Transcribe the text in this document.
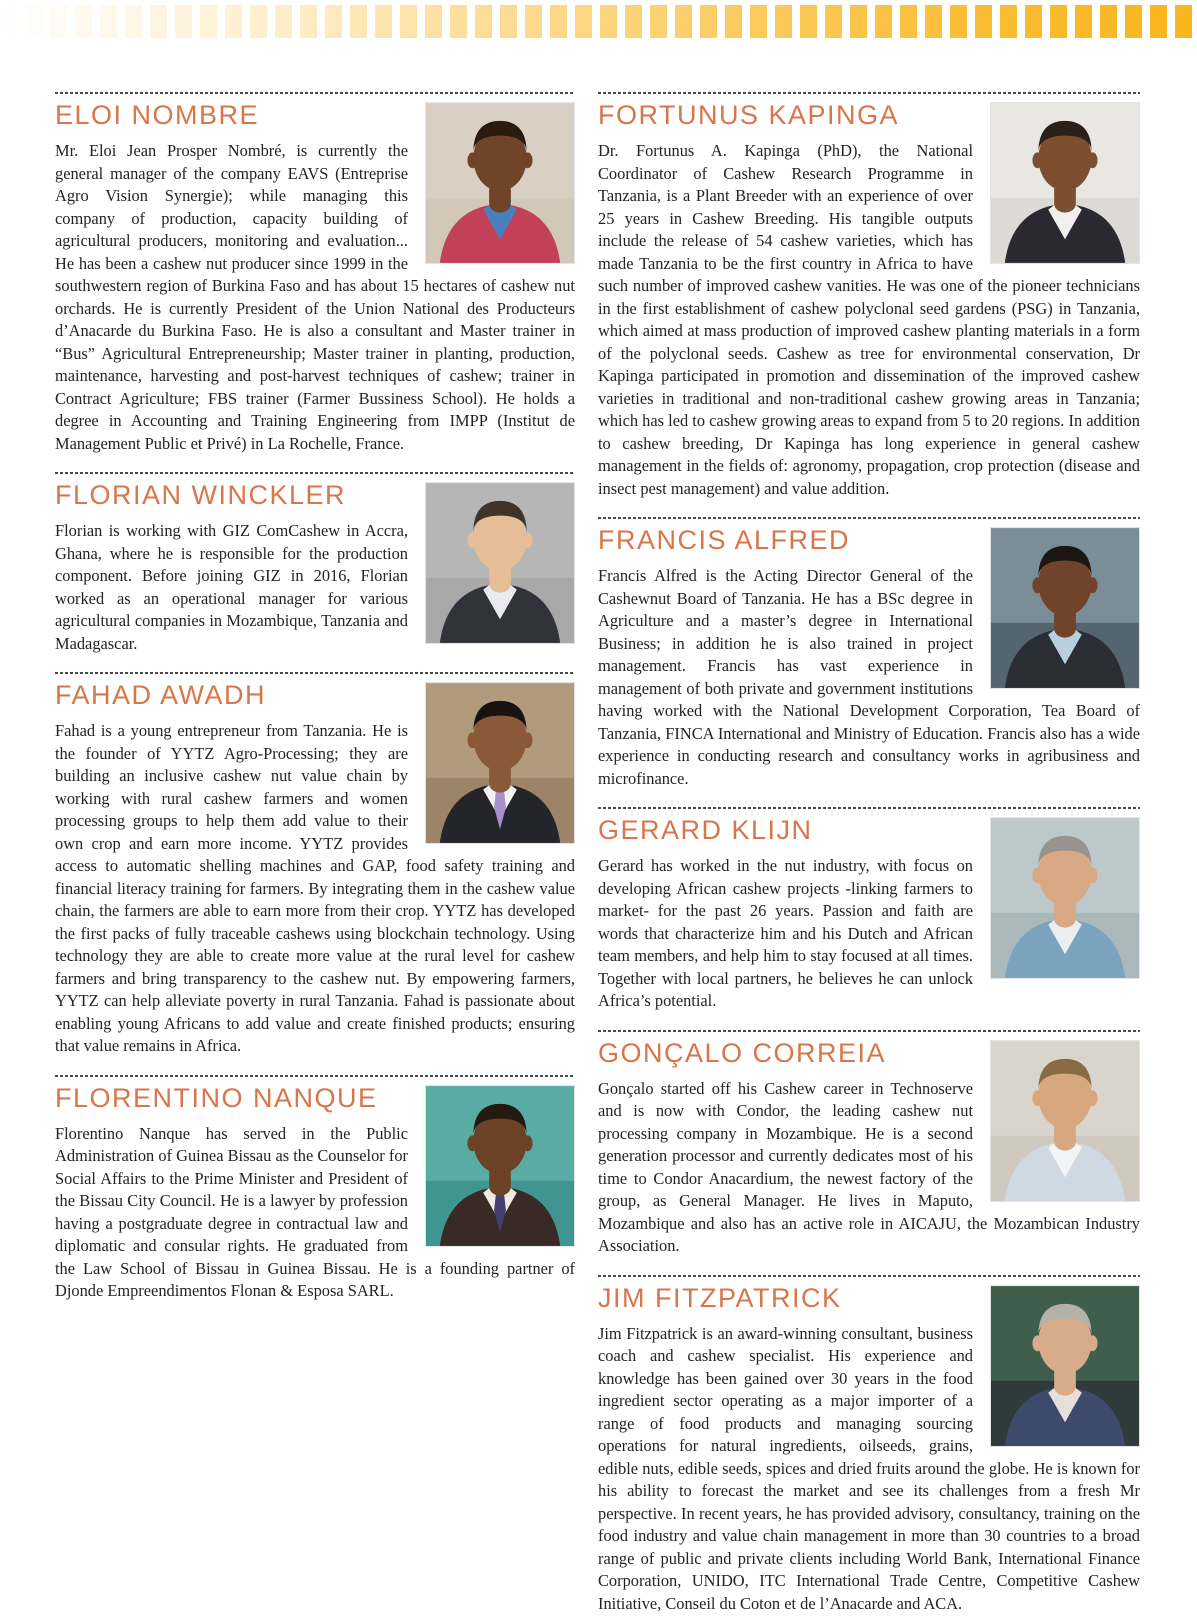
ELOI NOMBRE

Mr. Eloi Jean Prosper Nombré, is currently the general manager of the company EAVS (Entreprise Agro Vision Synergie); while managing this company of production, capacity building of agricultural producers, monitoring and evaluation... He has been a cashew nut producer since 1999 in the southwestern region of Burkina Faso and has about 15 hectares of cashew nut orchards. He is currently President of the Union National des Producteurs d’Anacarde du Burkina Faso. He is also a consultant and Master trainer in “Bus” Agricultural Entrepreneurship; Master trainer in planting, production, maintenance, harvesting and post-harvest techniques of cashew; trainer in Contract Agriculture; FBS trainer (Farmer Bussiness School). He holds a degree in Accounting and Training Engineering from IMPP (Institut de Management Public et Privé) in La Rochelle, France.

FLORIAN WINCKLER

Florian is working with GIZ ComCashew in Accra, Ghana, where he is responsible for the production component. Before joining GIZ in 2016, Florian worked as an operational manager for various agricultural companies in Mozambique, Tanzania and Madagascar.

FAHAD AWADH

Fahad is a young entrepreneur from Tanzania. He is the founder of YYTZ Agro-Processing; they are building an inclusive cashew nut value chain by working with rural cashew farmers and women processing groups to help them add value to their own crop and earn more income. YYTZ provides access to automatic shelling machines and GAP, food safety training and financial literacy training for farmers. By integrating them in the cashew value chain, the farmers are able to earn more from their crop. YYTZ has developed the first packs of fully traceable cashews using blockchain technology. Using technology they are able to create more value at the rural level for cashew farmers and bring transparency to the cashew nut. By empowering farmers, YYTZ can help alleviate poverty in rural Tanzania. Fahad is passionate about enabling young Africans to add value and create finished products; ensuring that value remains in Africa.

FLORENTINO NANQUE

Florentino Nanque has served in the Public Administration of Guinea Bissau as the Counselor for Social Affairs to the Prime Minister and President of the Bissau City Council. He is a lawyer by profession having a postgraduate degree in contractual law and diplomatic and consular rights. He graduated from the Law School of Bissau in Guinea Bissau. He is a founding partner of Djonde Empreendimentos Flonan & Esposa SARL.

FORTUNUS KAPINGA

Dr. Fortunus A. Kapinga (PhD), the National Coordinator of Cashew Research Programme in Tanzania, is a Plant Breeder with an experience of over 25 years in Cashew Breeding. His tangible outputs include the release of 54 cashew varieties, which has made Tanzania to be the first country in Africa to have such number of improved cashew vanities. He was one of the pioneer technicians in the first establishment of cashew polyclonal seed gardens (PSG) in Tanzania, which aimed at mass production of improved cashew planting materials in a form of the polyclonal seeds. Cashew as tree for environmental conservation, Dr Kapinga participated in promotion and dissemination of the improved cashew varieties in traditional and non-traditional cashew growing areas in Tanzania; which has led to cashew growing areas to expand from 5 to 20 regions. In addition to cashew breeding, Dr Kapinga has long experience in general cashew management in the fields of: agronomy, propagation, crop protection (disease and insect pest management) and value addition.

FRANCIS ALFRED

Francis Alfred is the Acting Director General of the Cashewnut Board of Tanzania. He has a BSc degree in Agriculture and a master’s degree in International Business; in addition he is also trained in project management. Francis has vast experience in management of both private and government institutions having worked with the National Development Corporation, Tea Board of Tanzania, FINCA International and Ministry of Education. Francis also has a wide experience in conducting research and consultancy works in agribusiness and microfinance.

GERARD KLIJN

Gerard has worked in the nut industry, with focus on developing African cashew projects -linking farmers to market- for the past 26 years. Passion and faith are words that characterize him and his Dutch and African team members, and help him to stay focused at all times. Together with local partners, he believes he can unlock Africa’s potential.

GONÇALO CORREIA

Gonçalo started off his Cashew career in Technoserve and is now with Condor, the leading cashew nut processing company in Mozambique. He is a second generation processor and currently dedicates most of his time to Condor Anacardium, the newest factory of the group, as General Manager. He lives in Maputo, Mozambique and also has an active role in AICAJU, the Mozambican Industry Association.

JIM FITZPATRICK

Jim Fitzpatrick is an award-winning consultant, business coach and cashew specialist. His experience and knowledge has been gained over 30 years in the food ingredient sector operating as a major importer of a range of food products and managing sourcing operations for natural ingredients, oilseeds, grains, edible nuts, edible seeds, spices and dried fruits around the globe. He is known for his ability to forecast the market and see its challenges from a fresh Mr perspective. In recent years, he has provided advisory, consultancy, training on the food industry and value chain management in more than 30 countries to a broad range of public and private clients including World Bank, International Finance Corporation, UNIDO, ITC International Trade Centre, Competitive Cashew Initiative, Conseil du Coton et de l’Anacarde and ACA.
